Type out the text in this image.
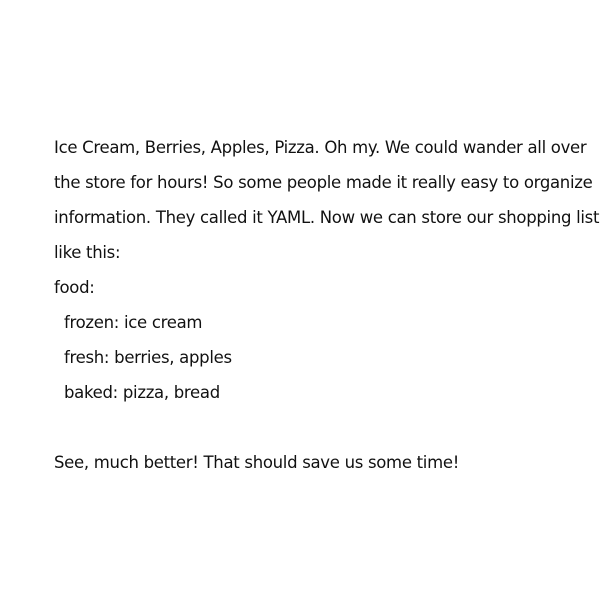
Ice Cream, Berries, Apples, Pizza. Oh my. We could wander all over
the store for hours! So some people made it really easy to organize
information. They called it YAML. Now we can store our shopping list
like this:
food:
frozen: ice cream
fresh: berries, apples
baked: pizza, bread
See, much better! That should save us some time!
